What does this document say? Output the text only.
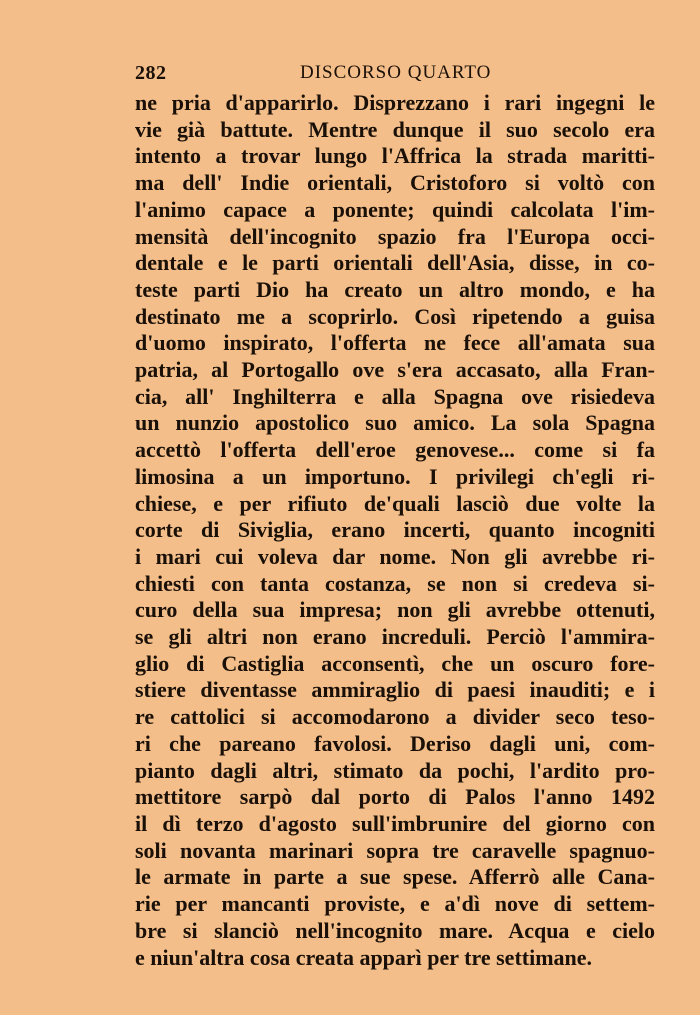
282	DISCORSO QUARTO
ne pria d'apparirlo. Disprezzano i rari ingegni le
vie già battute. Mentre dunque il suo secolo era
intento a trovar lungo l'Affrica la strada maritti-
ma dell' Indie orientali, Cristoforo si voltò con
l'animo capace a ponente; quindi calcolata l'im-
mensità dell'incognito spazio fra l'Europa occi-
dentale e le parti orientali dell'Asia, disse, in co-
teste parti Dio ha creato un altro mondo, e ha
destinato me a scoprirlo. Così ripetendo a guisa
d'uomo inspirato, l'offerta ne fece all'amata sua
patria, al Portogallo ove s'era accasato, alla Fran-
cia, all' Inghilterra e alla Spagna ove risiedeva
un nunzio apostolico suo amico. La sola Spagna
accettò l'offerta dell'eroe genovese... come si fa
limosina a un importuno. I privilegi ch'egli ri-
chiese, e per rifiuto de'quali lasciò due volte la
corte di Siviglia, erano incerti, quanto incogniti
i mari cui voleva dar nome. Non gli avrebbe ri-
chiesti con tanta costanza, se non si credeva si-
curo della sua impresa; non gli avrebbe ottenuti,
se gli altri non erano increduli. Perciò l'ammira-
glio di Castiglia acconsentì, che un oscuro fore-
stiere diventasse ammiraglio di paesi inauditi; e i
re cattolici si accomodarono a divider seco teso-
ri che pareano favolosi. Deriso dagli uni, com-
pianto dagli altri, stimato da pochi, l'ardito pro-
mettitore sarpò dal porto di Palos l'anno 1492
il dì terzo d'agosto sull'imbrunire del giorno con
soli novanta marinari sopra tre caravelle spagnuo-
le armate in parte a sue spese. Afferrò alle Cana-
rie per mancanti proviste, e a'dì nove di settem-
bre si slanciò nell'incognito mare. Acqua e cielo
e niun'altra cosa creata apparì per tre settimane.
